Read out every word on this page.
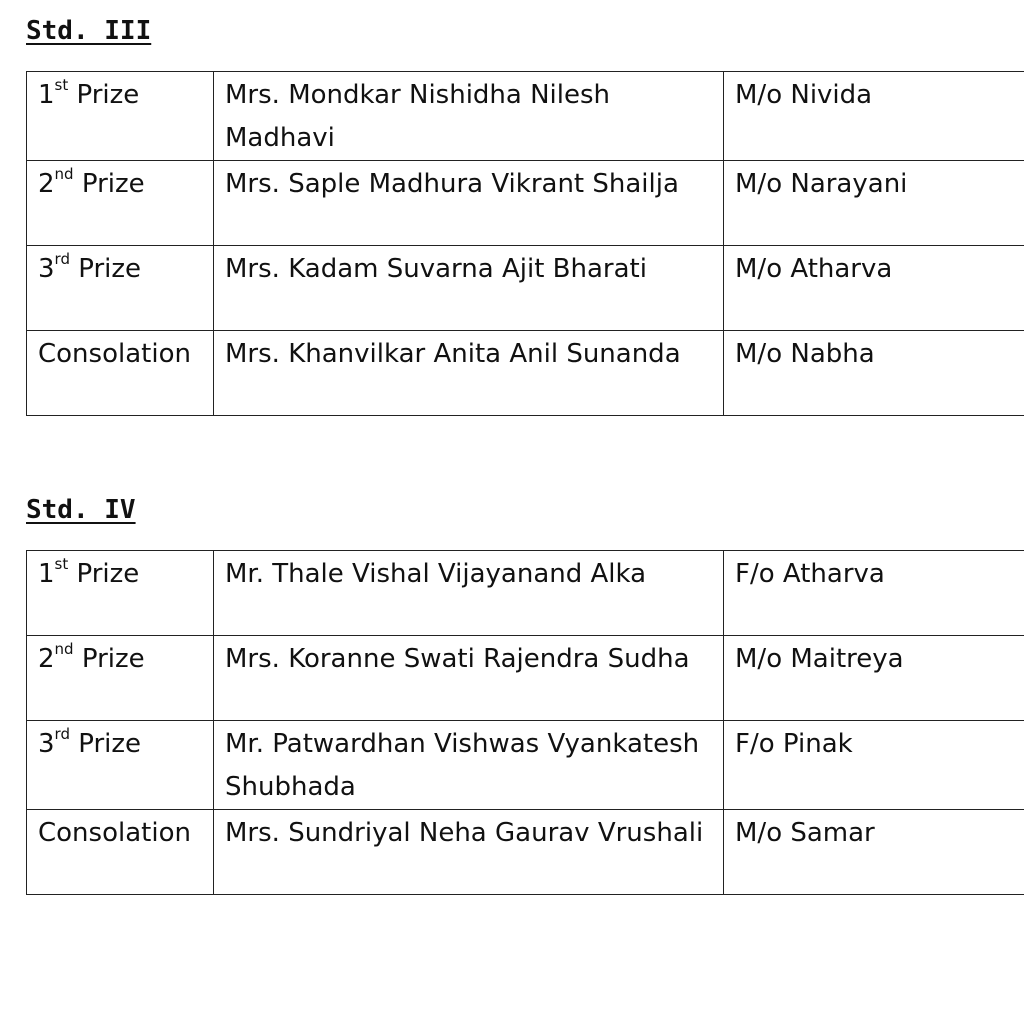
Std. III
1st Prize	Mrs. Mondkar Nishidha Nilesh Madhavi	M/o Nivida
2nd Prize	Mrs. Saple Madhura Vikrant Shailja	M/o Narayani
3rd Prize	Mrs. Kadam Suvarna Ajit Bharati	M/o Atharva
Consolation	Mrs. Khanvilkar Anita Anil Sunanda	M/o Nabha
Std. IV
1st Prize	Mr. Thale Vishal Vijayanand Alka	F/o Atharva
2nd Prize	Mrs. Koranne Swati Rajendra Sudha	M/o Maitreya
3rd Prize	Mr. Patwardhan Vishwas Vyankatesh Shubhada	F/o Pinak
Consolation	Mrs. Sundriyal Neha Gaurav Vrushali	M/o Samar
